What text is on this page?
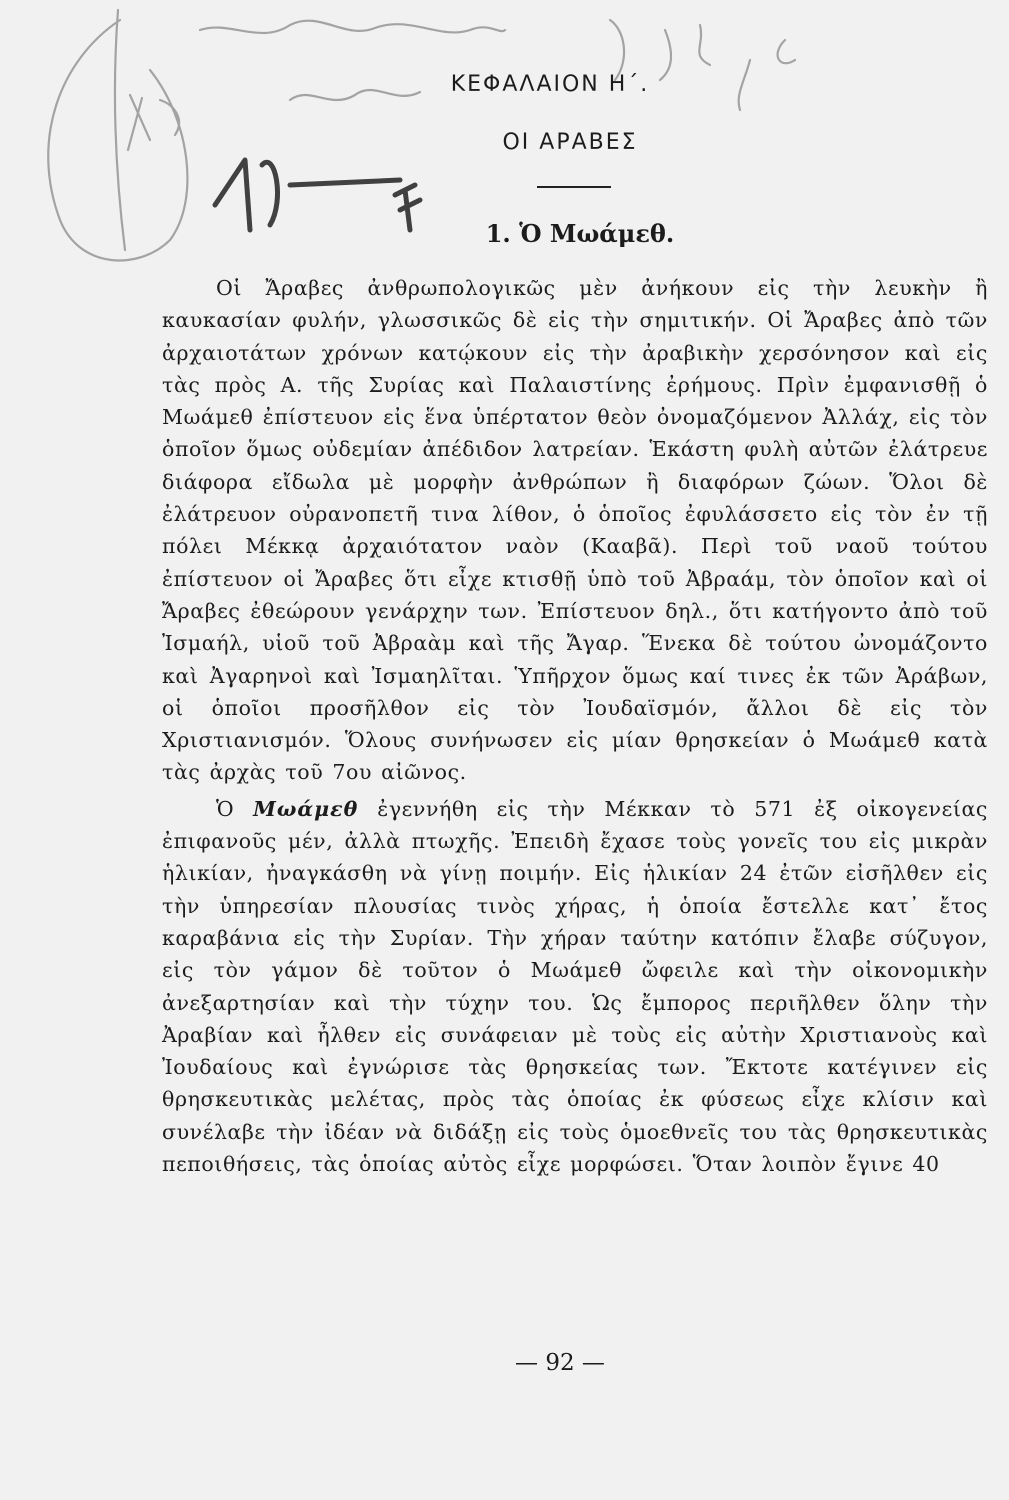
ΚΕΦΑΛΑΙΟΝ Η΄.
ΟΙ ΑΡΑΒΕΣ
1. Ὁ Μωάμεθ.

Οἱ Ἄραβες ἀνθρωπολογικῶς μὲν ἀνήκουν εἰς τὴν λευκὴν ἢ καυκασίαν φυλήν, γλωσσικῶς δὲ εἰς τὴν σημιτικήν. Οἱ Ἄραβες ἀπὸ τῶν ἀρχαιοτάτων χρόνων κατῴκουν εἰς τὴν ἀραβικὴν χερσόνησον καὶ εἰς τὰς πρὸς Α. τῆς Συρίας καὶ Παλαιστίνης ἐρήμους. Πρὶν ἐμφανισθῇ ὁ Μωάμεθ ἐπίστευον εἰς ἕνα ὑπέρτατον θεὸν ὀνομαζόμενον Ἀλλάχ, εἰς τὸν ὁποῖον ὅμως οὐδεμίαν ἀπέδιδον λατρείαν. Ἑκάστη φυλὴ αὐτῶν ἐλάτρευε διάφορα εἴδωλα μὲ μορφὴν ἀνθρώπων ἢ διαφόρων ζώων. Ὅλοι δὲ ἐλάτρευον οὐρανοπετῆ τινα λίθον, ὁ ὁποῖος ἐφυλάσσετο εἰς τὸν ἐν τῇ πόλει Μέκκᾳ ἀρχαιότατον ναὸν (Κααβᾶ). Περὶ τοῦ ναοῦ τούτου ἐπίστευον οἱ Ἄραβες ὅτι εἶχε κτισθῇ ὑπὸ τοῦ Ἀβραάμ, τὸν ὁποῖον καὶ οἱ Ἄραβες ἐθεώρουν γενάρχην των. Ἐπίστευον δηλ., ὅτι κατήγοντο ἀπὸ τοῦ Ἰσμαήλ, υἱοῦ τοῦ Ἀβραὰμ καὶ τῆς Ἄγαρ. Ἕνεκα δὲ τούτου ὠνομάζοντο καὶ Ἀγαρηνοὶ καὶ Ἰσμαηλῖται. Ὑπῆρχον ὅμως καί τινες ἐκ τῶν Ἀράβων, οἱ ὁποῖοι προσῆλθον εἰς τὸν Ἰουδαϊσμόν, ἄλλοι δὲ εἰς τὸν Χριστιανισμόν. Ὅλους συνήνωσεν εἰς μίαν θρησκείαν ὁ Μωάμεθ κατὰ τὰς ἀρχὰς τοῦ 7ου αἰῶνος.

Ὁ Μωάμεθ ἐγεννήθη εἰς τὴν Μέκκαν τὸ 571 ἐξ οἰκογενείας ἐπιφανοῦς μέν, ἀλλὰ πτωχῆς. Ἐπειδὴ ἔχασε τοὺς γονεῖς του εἰς μικρὰν ἡλικίαν, ἠναγκάσθη νὰ γίνῃ ποιμήν. Εἰς ἡλικίαν 24 ἐτῶν εἰσῆλθεν εἰς τὴν ὑπηρεσίαν πλουσίας τινὸς χήρας, ἡ ὁποία ἔστελλε κατ᾽ ἔτος καραβάνια εἰς τὴν Συρίαν. Τὴν χήραν ταύτην κατόπιν ἔλαβε σύζυγον, εἰς τὸν γάμον δὲ τοῦτον ὁ Μωάμεθ ὤφειλε καὶ τὴν οἰκονομικὴν ἀνεξαρτησίαν καὶ τὴν τύχην του. Ὡς ἔμπορος περιῆλθεν ὅλην τὴν Ἀραβίαν καὶ ἦλθεν εἰς συνάφειαν μὲ τοὺς εἰς αὐτὴν Χριστιανοὺς καὶ Ἰουδαίους καὶ ἐγνώρισε τὰς θρησκείας των. Ἔκτοτε κατέγινεν εἰς θρησκευτικὰς μελέτας, πρὸς τὰς ὁποίας ἐκ φύσεως εἶχε κλίσιν καὶ συνέλαβε τὴν ἰδέαν νὰ διδάξῃ εἰς τοὺς ὁμοεθνεῖς του τὰς θρησκευτικὰς πεποιθήσεις, τὰς ὁποίας αὐτὸς εἶχε μορφώσει. Ὅταν λοιπὸν ἔγινε 40

— 92 —
